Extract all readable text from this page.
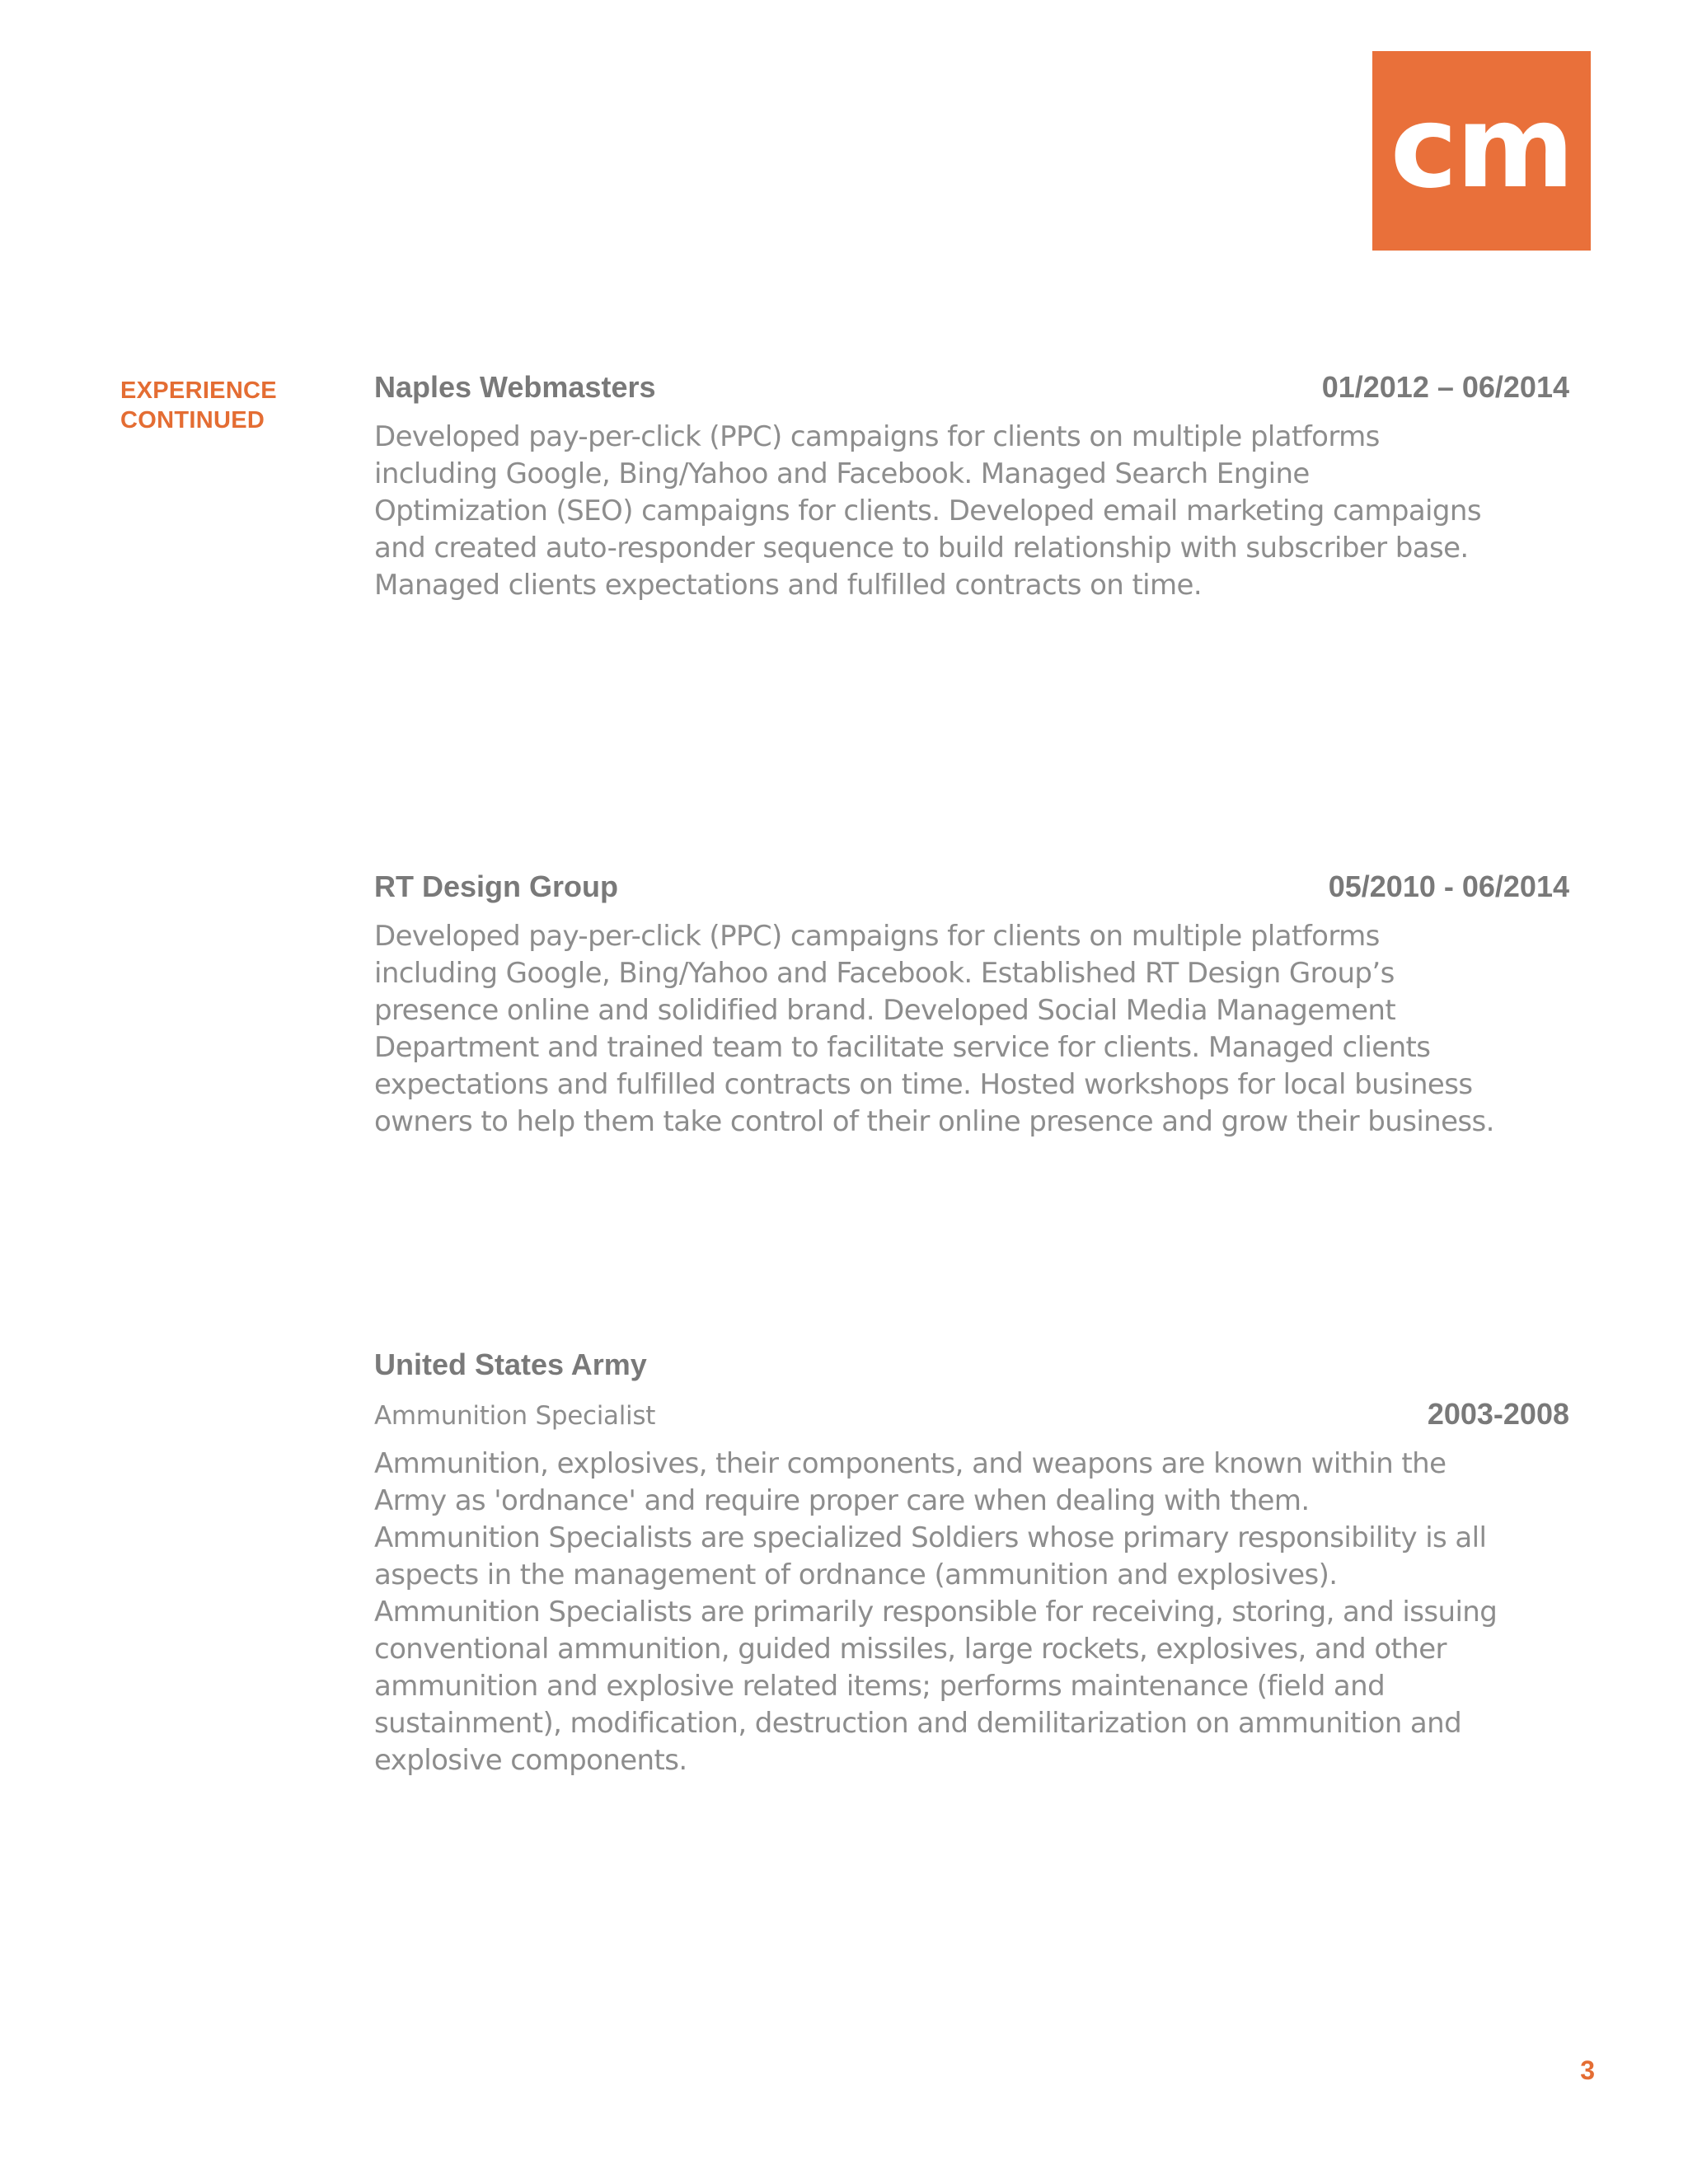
cm
EXPERIENCE
CONTINUED
Naples Webmasters	01/2012 – 06/2014
Developed pay-per-click (PPC) campaigns for clients on multiple platforms
including Google, Bing/Yahoo and Facebook. Managed Search Engine
Optimization (SEO) campaigns for clients. Developed email marketing campaigns
and created auto-responder sequence to build relationship with subscriber base.
Managed clients expectations and fulfilled contracts on time.
RT Design Group	05/2010 - 06/2014
Developed pay-per-click (PPC) campaigns for clients on multiple platforms
including Google, Bing/Yahoo and Facebook. Established RT Design Group’s
presence online and solidified brand. Developed Social Media Management
Department and trained team to facilitate service for clients. Managed clients
expectations and fulfilled contracts on time. Hosted workshops for local business
owners to help them take control of their online presence and grow their business.
United States Army
Ammunition Specialist	2003-2008
Ammunition, explosives, their components, and weapons are known within the
Army as 'ordnance' and require proper care when dealing with them.
Ammunition Specialists are specialized Soldiers whose primary responsibility is all
aspects in the management of ordnance (ammunition and explosives).
Ammunition Specialists are primarily responsible for receiving, storing, and issuing
conventional ammunition, guided missiles, large rockets, explosives, and other
ammunition and explosive related items; performs maintenance (field and
sustainment), modification, destruction and demilitarization on ammunition and
explosive components.
3
